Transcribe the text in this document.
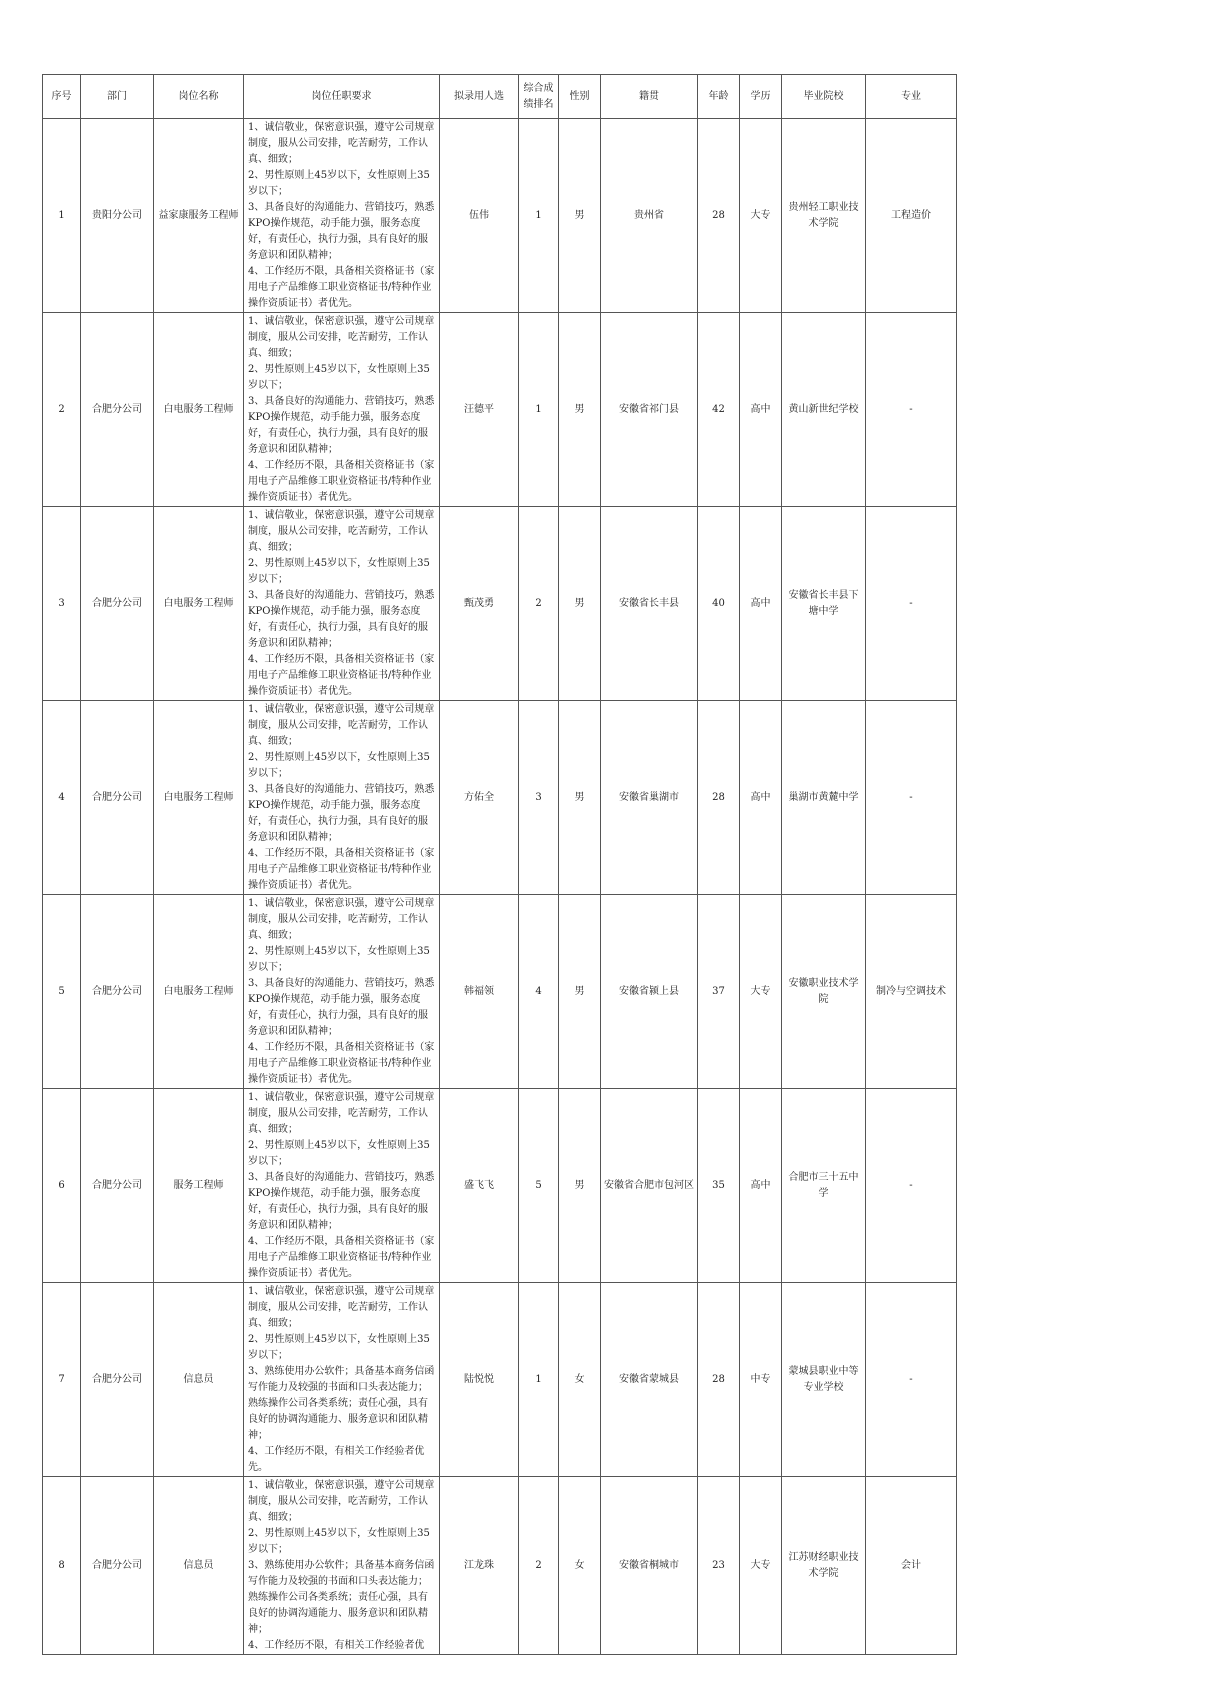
序号	部门	岗位名称	岗位任职要求	拟录用人选	综合成绩排名	性别	籍贯	年龄	学历	毕业院校	专业
1	贵阳分公司	益家康服务工程师	1、诚信敬业，保密意识强，遵守公司规章制度，服从公司安排，吃苦耐劳，工作认真、细致；
2、男性原则上45岁以下，女性原则上35岁以下；
3、具备良好的沟通能力、营销技巧，熟悉KPO操作规范，动手能力强，服务态度好，有责任心，执行力强，具有良好的服务意识和团队精神；
4、工作经历不限，具备相关资格证书（家用电子产品维修工职业资格证书/特种作业操作资质证书）者优先。	伍伟	1	男	贵州省	28	大专	贵州轻工职业技术学院	工程造价
2	合肥分公司	白电服务工程师	1、诚信敬业，保密意识强，遵守公司规章制度，服从公司安排，吃苦耐劳，工作认真、细致；
2、男性原则上45岁以下，女性原则上35岁以下；
3、具备良好的沟通能力、营销技巧，熟悉KPO操作规范，动手能力强，服务态度好，有责任心，执行力强，具有良好的服务意识和团队精神；
4、工作经历不限，具备相关资格证书（家用电子产品维修工职业资格证书/特种作业操作资质证书）者优先。	汪德平	1	男	安徽省祁门县	42	高中	黄山新世纪学校	-
3	合肥分公司	白电服务工程师	1、诚信敬业，保密意识强，遵守公司规章制度，服从公司安排，吃苦耐劳，工作认真、细致；
2、男性原则上45岁以下，女性原则上35岁以下；
3、具备良好的沟通能力、营销技巧，熟悉KPO操作规范，动手能力强，服务态度好，有责任心，执行力强，具有良好的服务意识和团队精神；
4、工作经历不限，具备相关资格证书（家用电子产品维修工职业资格证书/特种作业操作资质证书）者优先。	甄茂勇	2	男	安徽省长丰县	40	高中	安徽省长丰县下塘中学	-
4	合肥分公司	白电服务工程师	1、诚信敬业，保密意识强，遵守公司规章制度，服从公司安排，吃苦耐劳，工作认真、细致；
2、男性原则上45岁以下，女性原则上35岁以下；
3、具备良好的沟通能力、营销技巧，熟悉KPO操作规范，动手能力强，服务态度好，有责任心，执行力强，具有良好的服务意识和团队精神；
4、工作经历不限，具备相关资格证书（家用电子产品维修工职业资格证书/特种作业操作资质证书）者优先。	方佑全	3	男	安徽省巢湖市	28	高中	巢湖市黄麓中学	-
5	合肥分公司	白电服务工程师	1、诚信敬业，保密意识强，遵守公司规章制度，服从公司安排，吃苦耐劳，工作认真、细致；
2、男性原则上45岁以下，女性原则上35岁以下；
3、具备良好的沟通能力、营销技巧，熟悉KPO操作规范，动手能力强，服务态度好，有责任心，执行力强，具有良好的服务意识和团队精神；
4、工作经历不限，具备相关资格证书（家用电子产品维修工职业资格证书/特种作业操作资质证书）者优先。	韩福领	4	男	安徽省颍上县	37	大专	安徽职业技术学院	制冷与空调技术
6	合肥分公司	服务工程师	1、诚信敬业，保密意识强，遵守公司规章制度，服从公司安排，吃苦耐劳，工作认真、细致；
2、男性原则上45岁以下，女性原则上35岁以下；
3、具备良好的沟通能力、营销技巧，熟悉KPO操作规范，动手能力强，服务态度好，有责任心，执行力强，具有良好的服务意识和团队精神；
4、工作经历不限，具备相关资格证书（家用电子产品维修工职业资格证书/特种作业操作资质证书）者优先。	盛飞飞	5	男	安徽省合肥市包河区	35	高中	合肥市三十五中学	-
7	合肥分公司	信息员	1、诚信敬业，保密意识强，遵守公司规章制度，服从公司安排，吃苦耐劳，工作认真、细致；
2、男性原则上45岁以下，女性原则上35岁以下；
3、熟练使用办公软件；具备基本商务信函写作能力及较强的书面和口头表达能力；熟练操作公司各类系统；责任心强，具有良好的协调沟通能力、服务意识和团队精神；
4、工作经历不限，有相关工作经验者优先。	陆悦悦	1	女	安徽省蒙城县	28	中专	蒙城县职业中等专业学校	-
8	合肥分公司	信息员	1、诚信敬业，保密意识强，遵守公司规章制度，服从公司安排，吃苦耐劳，工作认真、细致；
2、男性原则上45岁以下，女性原则上35岁以下；
3、熟练使用办公软件；具备基本商务信函写作能力及较强的书面和口头表达能力；熟练操作公司各类系统；责任心强，具有良好的协调沟通能力、服务意识和团队精神；
4、工作经历不限，有相关工作经验者优	江龙珠	2	女	安徽省桐城市	23	大专	江苏财经职业技术学院	会计
